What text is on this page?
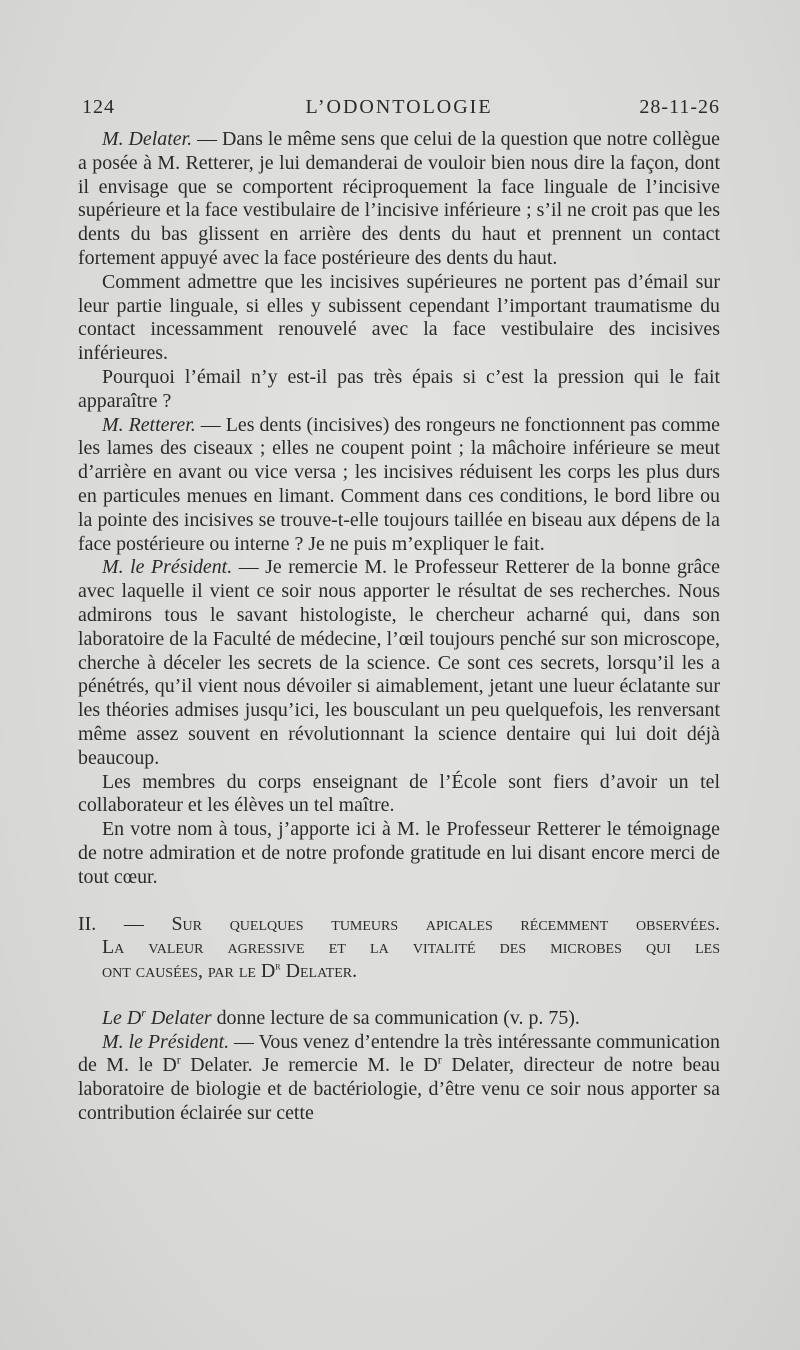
124	L’ODONTOLOGIE	28-11-26

M. Delater. — Dans le même sens que celui de la question que notre collègue a posée à M. Retterer, je lui demanderai de vouloir bien nous dire la façon, dont il envisage que se comportent réciproquement la face linguale de l’incisive supérieure et la face vestibulaire de l’incisive inférieure ; s’il ne croit pas que les dents du bas glissent en arrière des dents du haut et prennent un contact fortement appuyé avec la face postérieure des dents du haut.

Comment admettre que les incisives supérieures ne portent pas d’émail sur leur partie linguale, si elles y subissent cependant l’important traumatisme du contact incessamment renouvelé avec la face vestibulaire des incisives inférieures.

Pourquoi l’émail n’y est-il pas très épais si c’est la pression qui le fait apparaître ?

M. Retterer. — Les dents (incisives) des rongeurs ne fonctionnent pas comme les lames des ciseaux ; elles ne coupent point ; la mâchoire inférieure se meut d’arrière en avant ou vice versa ; les incisives réduisent les corps les plus durs en particules menues en limant. Comment dans ces conditions, le bord libre ou la pointe des incisives se trouve-t-elle toujours taillée en biseau aux dépens de la face postérieure ou interne ? Je ne puis m’expliquer le fait.

M. le Président. — Je remercie M. le Professeur Retterer de la bonne grâce avec laquelle il vient ce soir nous apporter le résultat de ses recherches. Nous admirons tous le savant histologiste, le chercheur acharné qui, dans son laboratoire de la Faculté de médecine, l’œil toujours penché sur son microscope, cherche à déceler les secrets de la science. Ce sont ces secrets, lorsqu’il les a pénétrés, qu’il vient nous dévoiler si aimablement, jetant une lueur éclatante sur les théories admises jusqu’ici, les bousculant un peu quelquefois, les renversant même assez souvent en révolutionnant la science dentaire qui lui doit déjà beaucoup.

Les membres du corps enseignant de l’École sont fiers d’avoir un tel collaborateur et les élèves un tel maître.

En votre nom à tous, j’apporte ici à M. le Professeur Retterer le témoignage de notre admiration et de notre profonde gratitude en lui disant encore merci de tout cœur.

II. — Sur quelques tumeurs apicales récemment observées.
La valeur agressive et la vitalité des microbes qui les
ont causées, par le $D^r$ Delater.

Le $D^r$ Delater donne lecture de sa communication (v. p. 75).

M. le Président. — Vous venez d’entendre la très intéressante communication de M. le $D^r$ Delater. Je remercie M. le $D^r$ Delater, directeur de notre beau laboratoire de biologie et de bactériologie, d’être venu ce soir nous apporter sa contribution éclairée sur cette
